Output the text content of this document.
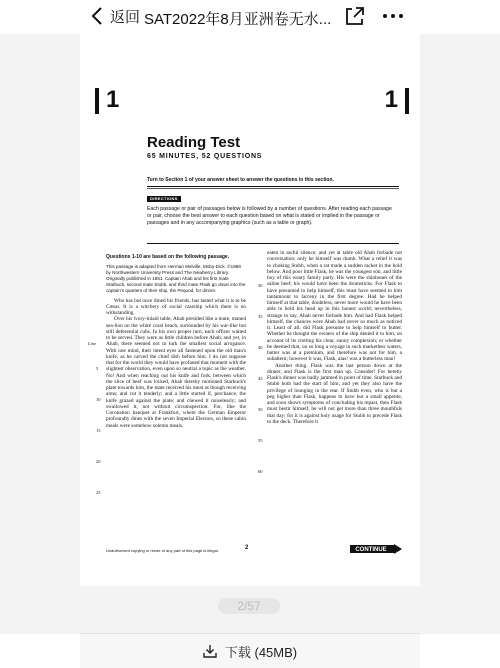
返回 SAT2022年8月亚洲卷无水...
1	1
Reading Test
65 MINUTES, 52 QUESTIONS
Turn to Section 1 of your answer sheet to answer the questions in this section.
DIRECTIONS
Each passage or pair of passages below is followed by a number of questions. After reading each passage or pair, choose the best answer to each question based on what is stated or implied in the passage or passages and in any accompanying graphics (such as a table or graph).

Questions 1-10 are based on the following passage.

This passage is adapted from Herman Melville, Moby-Dick. ©1988 by Northwestern University Press and The Newberry Library. Originally published in 1851. Captain Ahab and his first mate Starbuck, second mate Stubb, and third mate Flask go down into the captain's quarters of their ship, the Pequod, for dinner.

Who has but once dined his friends, has tasted what it is to be Cæsar. It is a witchery of social czarship which there is no withstanding.

Over his ivory-inlaid table, Ahab presided like a mute, maned sea-lion on the white coral beach, surrounded by his war-like but still deferential cubs. In his own proper turn, each officer waited to be served. They were as little children before Ahab; and yet, in Ahab, there seemed not to lurk the smallest social arrogance. With one mind, their intent eyes all fastened upon the old man's knife, as he carved the chief dish before him. I do not suppose that for the world they would have profaned that moment with the slightest observation, even upon so neutral a topic as the weather. No! And when reaching out his knife and fork, between which the slice of beef was locked, Ahab thereby motioned Starbuck's plate towards him, the mate received his meat as though receiving alms; and cut it tenderly; and a little started if, perchance, the knife grazed against the plate; and chewed it noiselessly; and swallowed it, not without circumspection. For, like the Coronation banquet at Frankfort, where the German Emperor profoundly dines with the seven Imperial Electors, so these cabin meals were somehow solemn meals,

Line
5
10
15
20
25

eaten in awful silence; and yet at table old Ahab forbade not conversation; only he himself was dumb. What a relief it was to choking Stubb, when a rat made a sudden racket in the hold below. And poor little Flask, he was the youngest son, and little boy of this weary family party. His were the shinbones of the saline beef; his would have been the drumsticks. For Flask to have presumed to help himself, this must have seemed to him tantamount to larceny in the first degree. Had he helped himself at that table, doubtless, never more would he have been able to hold his head up in this honest world; nevertheless, strange to say, Ahab never forbade him. And had Flask helped himself, the chances were Ahab had never so much as noticed it. Least of all, did Flask presume to help himself to butter. Whether he thought the owners of the ship denied it to him, on account of its clotting his clear, sunny complexion; or whether he deemed that, on so long a voyage in such marketless waters, butter was at a premium, and therefore was not for him, a subaltern; however it was, Flask, alas! was a butterless man!

Another thing. Flask was the last person down at the dinner, and Flask is the first man up. Consider! For hereby Flask's dinner was badly jammed in point of time. Starbuck and Stubb both had the start of him; and yet they also have the privilege of lounging in the rear. If Stubb even, who is but a peg higher than Flask, happens to have but a small appetite, and soon shows symptoms of concluding his repast, then Flask must bestir himself, he will not get more than three mouthfuls that day; for it is against holy usage for Stubb to precede Flask to the deck. Therefore it

30
35
40
45
50
55
60
Unauthorized copying or reuse of any part of this page is illegal.	2	CONTINUE
2/57
下载 (45MB)
